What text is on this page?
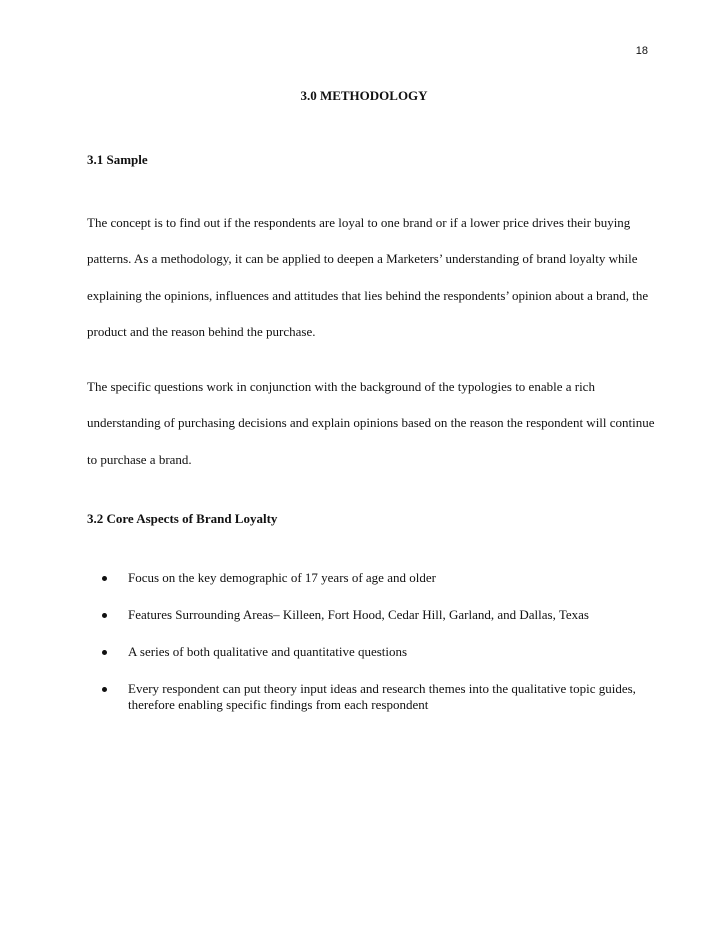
18
3.0 METHODOLOGY
3.1 Sample

The concept is to find out if the respondents are loyal to one brand or if a lower price drives their buying patterns. As a methodology, it can be applied to deepen a Marketers’ understanding of brand loyalty while explaining the opinions, influences and attitudes that lies behind the respondents’ opinion about a brand, the product and the reason behind the purchase.

The specific questions work in conjunction with the background of the typologies to enable a rich understanding of purchasing decisions and explain opinions based on the reason the respondent will continue to purchase a brand.

3.2 Core Aspects of Brand Loyalty
Focus on the key demographic of 17 years of age and older
Features Surrounding Areas– Killeen, Fort Hood, Cedar Hill, Garland, and Dallas, Texas
A series of both qualitative and quantitative questions
Every respondent can put theory input ideas and research themes into the qualitative topic guides, therefore enabling specific findings from each respondent
